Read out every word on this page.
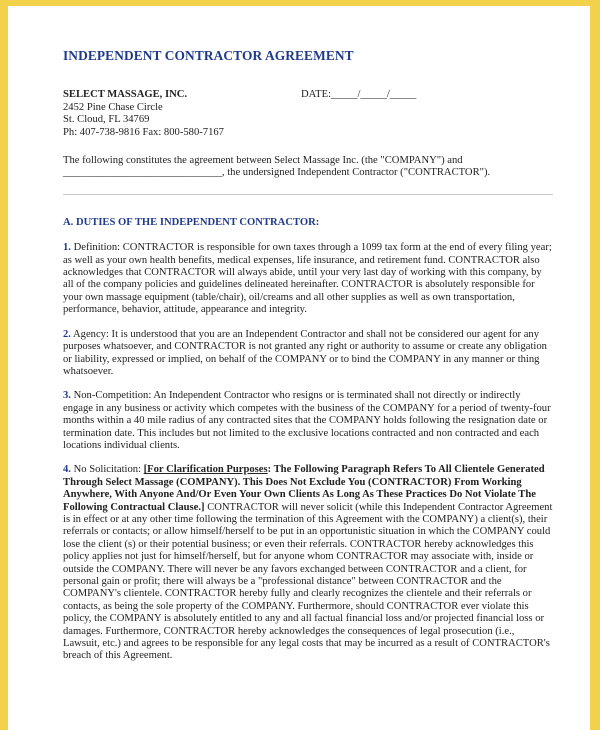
INDEPENDENT CONTRACTOR AGREEMENT
SELECT MASSAGE, INC.	DATE:_____/_____/_____
2452 Pine Chase Circle
St. Cloud, FL 34769
Ph: 407-738-9816 Fax: 800-580-7167
The following constitutes the agreement between Select Massage Inc. (the "COMPANY") and
______________________________, the undersigned Independent Contractor ("CONTRACTOR").
A. DUTIES OF THE INDEPENDENT CONTRACTOR:
1. Definition: CONTRACTOR is responsible for own taxes through a 1099 tax form at the end of every filing year; as well as your own health benefits, medical expenses, life insurance, and retirement fund. CONTRACTOR also acknowledges that CONTRACTOR will always abide, until your very last day of working with this company, by all of the company policies and guidelines delineated hereinafter. CONTRACTOR is absolutely responsible for your own massage equipment (table/chair), oil/creams and all other supplies as well as own transportation, performance, behavior, attitude, appearance and integrity.
2. Agency: It is understood that you are an Independent Contractor and shall not be considered our agent for any purposes whatsoever, and CONTRACTOR is not granted any right or authority to assume or create any obligation or liability, expressed or implied, on behalf of the COMPANY or to bind the COMPANY in any manner or thing whatsoever.
3. Non-Competition: An Independent Contractor who resigns or is terminated shall not directly or indirectly engage in any business or activity which competes with the business of the COMPANY for a period of twenty-four months within a 40 mile radius of any contracted sites that the COMPANY holds following the resignation date or termination date. This includes but not limited to the exclusive locations contracted and non contracted and each locations individual clients.
4. No Solicitation: [For Clarification Purposes: The Following Paragraph Refers To All Clientele Generated Through Select Massage (COMPANY). This Does Not Exclude You (CONTRACTOR) From Working Anywhere, With Anyone And/Or Even Your Own Clients As Long As These Practices Do Not Violate The Following Contractual Clause.] CONTRACTOR will never solicit (while this Independent Contractor Agreement is in effect or at any other time following the termination of this Agreement with the COMPANY) a client(s), their referrals or contacts; or allow himself/herself to be put in an opportunistic situation in which the COMPANY could lose the client (s) or their potential business; or even their referrals. CONTRACTOR hereby acknowledges this policy applies not just for himself/herself, but for anyone whom CONTRACTOR may associate with, inside or outside the COMPANY. There will never be any favors exchanged between CONTRACTOR and a client, for personal gain or profit; there will always be a "professional distance" between CONTRACTOR and the COMPANY's clientele. CONTRACTOR hereby fully and clearly recognizes the clientele and their referrals or contacts, as being the sole property of the COMPANY. Furthermore, should CONTRACTOR ever violate this policy, the COMPANY is absolutely entitled to any and all factual financial loss and/or projected financial loss or damages. Furthermore, CONTRACTOR hereby acknowledges the consequences of legal prosecution (i.e., Lawsuit, etc.) and agrees to be responsible for any legal costs that may be incurred as a result of CONTRACTOR's breach of this Agreement.
